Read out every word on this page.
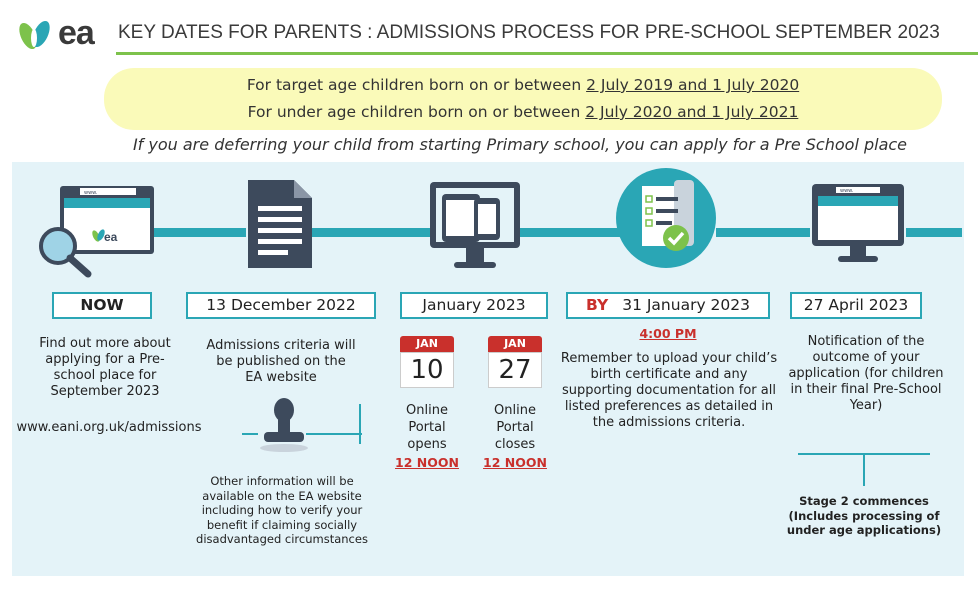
ea KEY DATES FOR PARENTS : ADMISSIONS PROCESS FOR PRE-SCHOOL SEPTEMBER 2023
For target age children born on or between 2 July 2019 and 1 July 2020
For under age children born on or between 2 July 2020 and 1 July 2021
If you are deferring your child from starting Primary school, you can apply for a Pre School place
www.
ea
www.
NOW
Find out more about applying for a Pre-school place for September 2023
www.eani.org.uk/admissions
13 December 2022
Admissions criteria will be published on the EA website
Other information will be available on the EA website including how to verify your benefit if claiming socially disadvantaged circumstances
January 2023
JAN
10
Online Portal opens
12 NOON
JAN
27
Online Portal closes
12 NOON
BY 31 January 2023
4:00 PM
Remember to upload your child’s birth certificate and any supporting documentation for all listed preferences as detailed in the admissions criteria.
27 April 2023
Notification of the outcome of your application (for children in their final Pre-School Year)
Stage 2 commences (Includes processing of under age applications)
